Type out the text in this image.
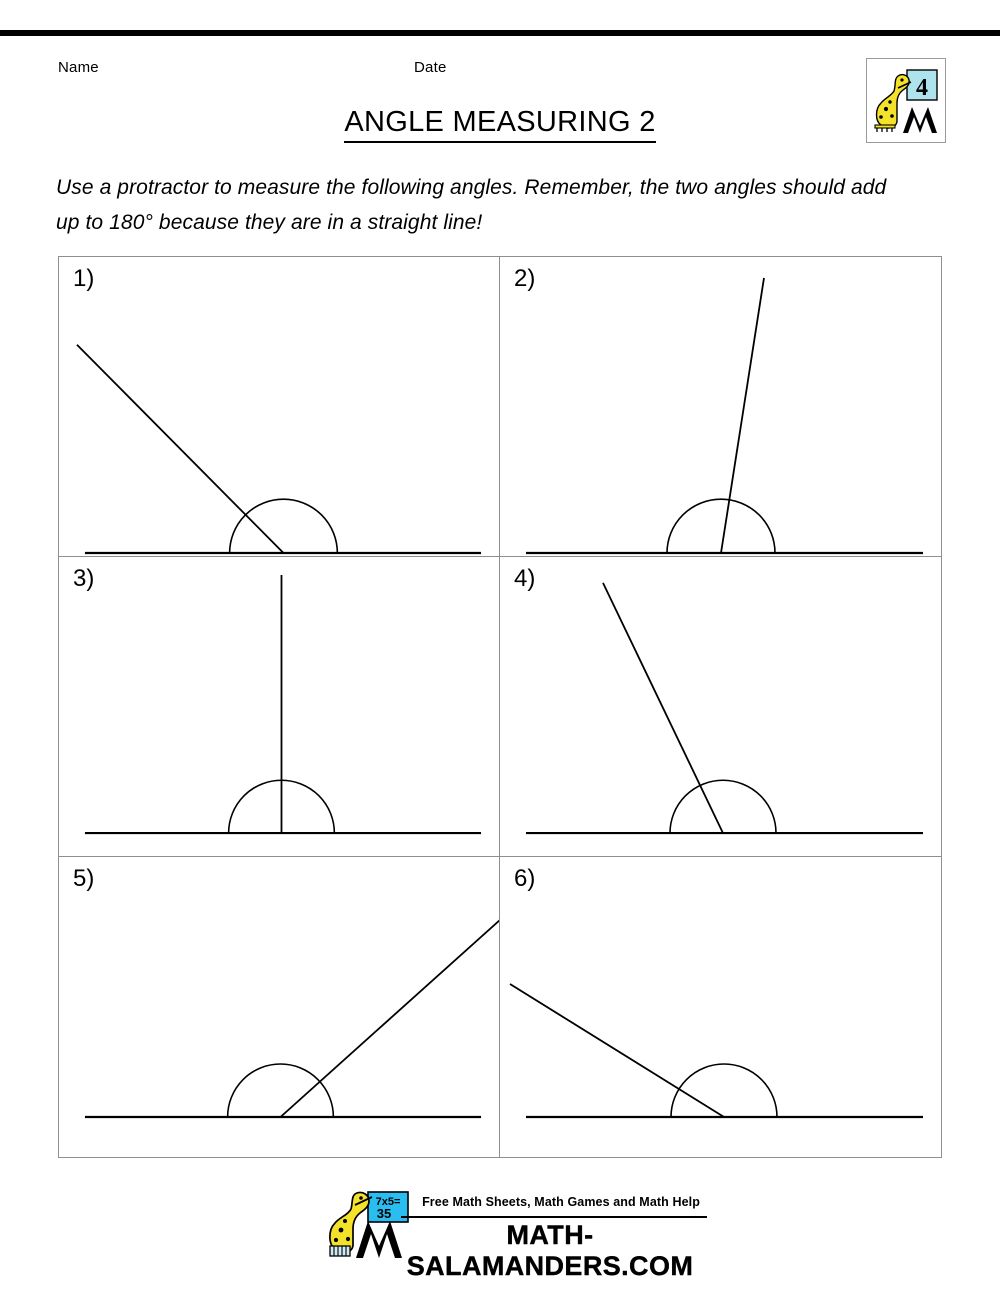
Name	Date
ANGLE MEASURING 2
4
Use a protractor to measure the following angles. Remember, the two angles should add up to 180° because they are in a straight line!
1)	2)
3)	4)
5)	6)
7x5=
35
Free Math Sheets, Math Games and Math Help
MATH-SALAMANDERS.COM
